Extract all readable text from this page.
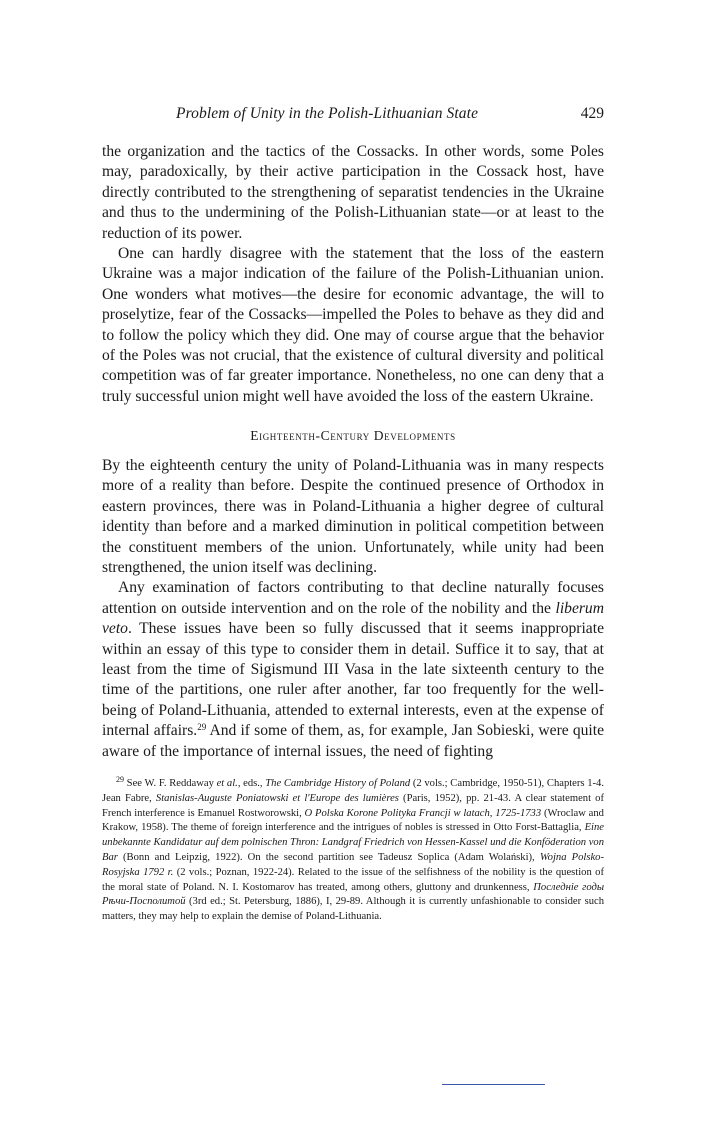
Problem of Unity in the Polish-Lithuanian State	429

the organization and the tactics of the Cossacks. In other words, some Poles may, paradoxically, by their active participation in the Cossack host, have directly contributed to the strengthening of separatist tendencies in the Ukraine and thus to the undermining of the Polish-Lithuanian state—or at least to the reduction of its power.

One can hardly disagree with the statement that the loss of the eastern Ukraine was a major indication of the failure of the Polish-Lithuanian union. One wonders what motives—the desire for economic advantage, the will to proselytize, fear of the Cossacks—impelled the Poles to behave as they did and to follow the policy which they did. One may of course argue that the behavior of the Poles was not crucial, that the existence of cultural diversity and political competition was of far greater importance. Nonetheless, no one can deny that a truly successful union might well have avoided the loss of the eastern Ukraine.

Eighteenth-Century Developments

By the eighteenth century the unity of Poland-Lithuania was in many respects more of a reality than before. Despite the continued presence of Orthodox in eastern provinces, there was in Poland-Lithuania a higher degree of cultural identity than before and a marked diminution in political competition between the constituent members of the union. Unfortunately, while unity had been strengthened, the union itself was declining.

Any examination of factors contributing to that decline naturally focuses attention on outside intervention and on the role of the nobility and the liberum veto. These issues have been so fully discussed that it seems inappropriate within an essay of this type to consider them in detail. Suffice it to say, that at least from the time of Sigismund III Vasa in the late sixteenth century to the time of the partitions, one ruler after another, far too frequently for the well-being of Poland-Lithuania, attended to external interests, even at the expense of internal affairs.$^{29}$ And if some of them, as, for example, Jan Sobieski, were quite aware of the importance of internal issues, the need of fighting

$^{29}$ See W. F. Reddaway et al., eds., The Cambridge History of Poland (2 vols.; Cambridge, 1950-51), Chapters 1-4. Jean Fabre, Stanislas-Auguste Poniatowski et l'Europe des lumières (Paris, 1952), pp. 21-43. A clear statement of French interference is Emanuel Rostworowski, O Polska Korone Polityka Francji w latach, 1725-1733 (Wroclaw and Krakow, 1958). The theme of foreign interference and the intrigues of nobles is stressed in Otto Forst-Battaglia, Eine unbekannte Kandidatur auf dem polnischen Thron: Landgraf Friedrich von Hessen-Kassel und die Konföderation von Bar (Bonn and Leipzig, 1922). On the second partition see Tadeusz Soplica (Adam Wolański), Wojna Polsko-Rosyjska 1792 r. (2 vols.; Poznan, 1922-24). Related to the issue of the selfishness of the nobility is the question of the moral state of Poland. N. I. Kostomarov has treated, among others, gluttony and drunkenness, Последніе годы Рѣчи-Посполитой (3rd ed.; St. Petersburg, 1886), I, 29-89. Although it is currently unfashionable to consider such matters, they may help to explain the demise of Poland-Lithuania.
